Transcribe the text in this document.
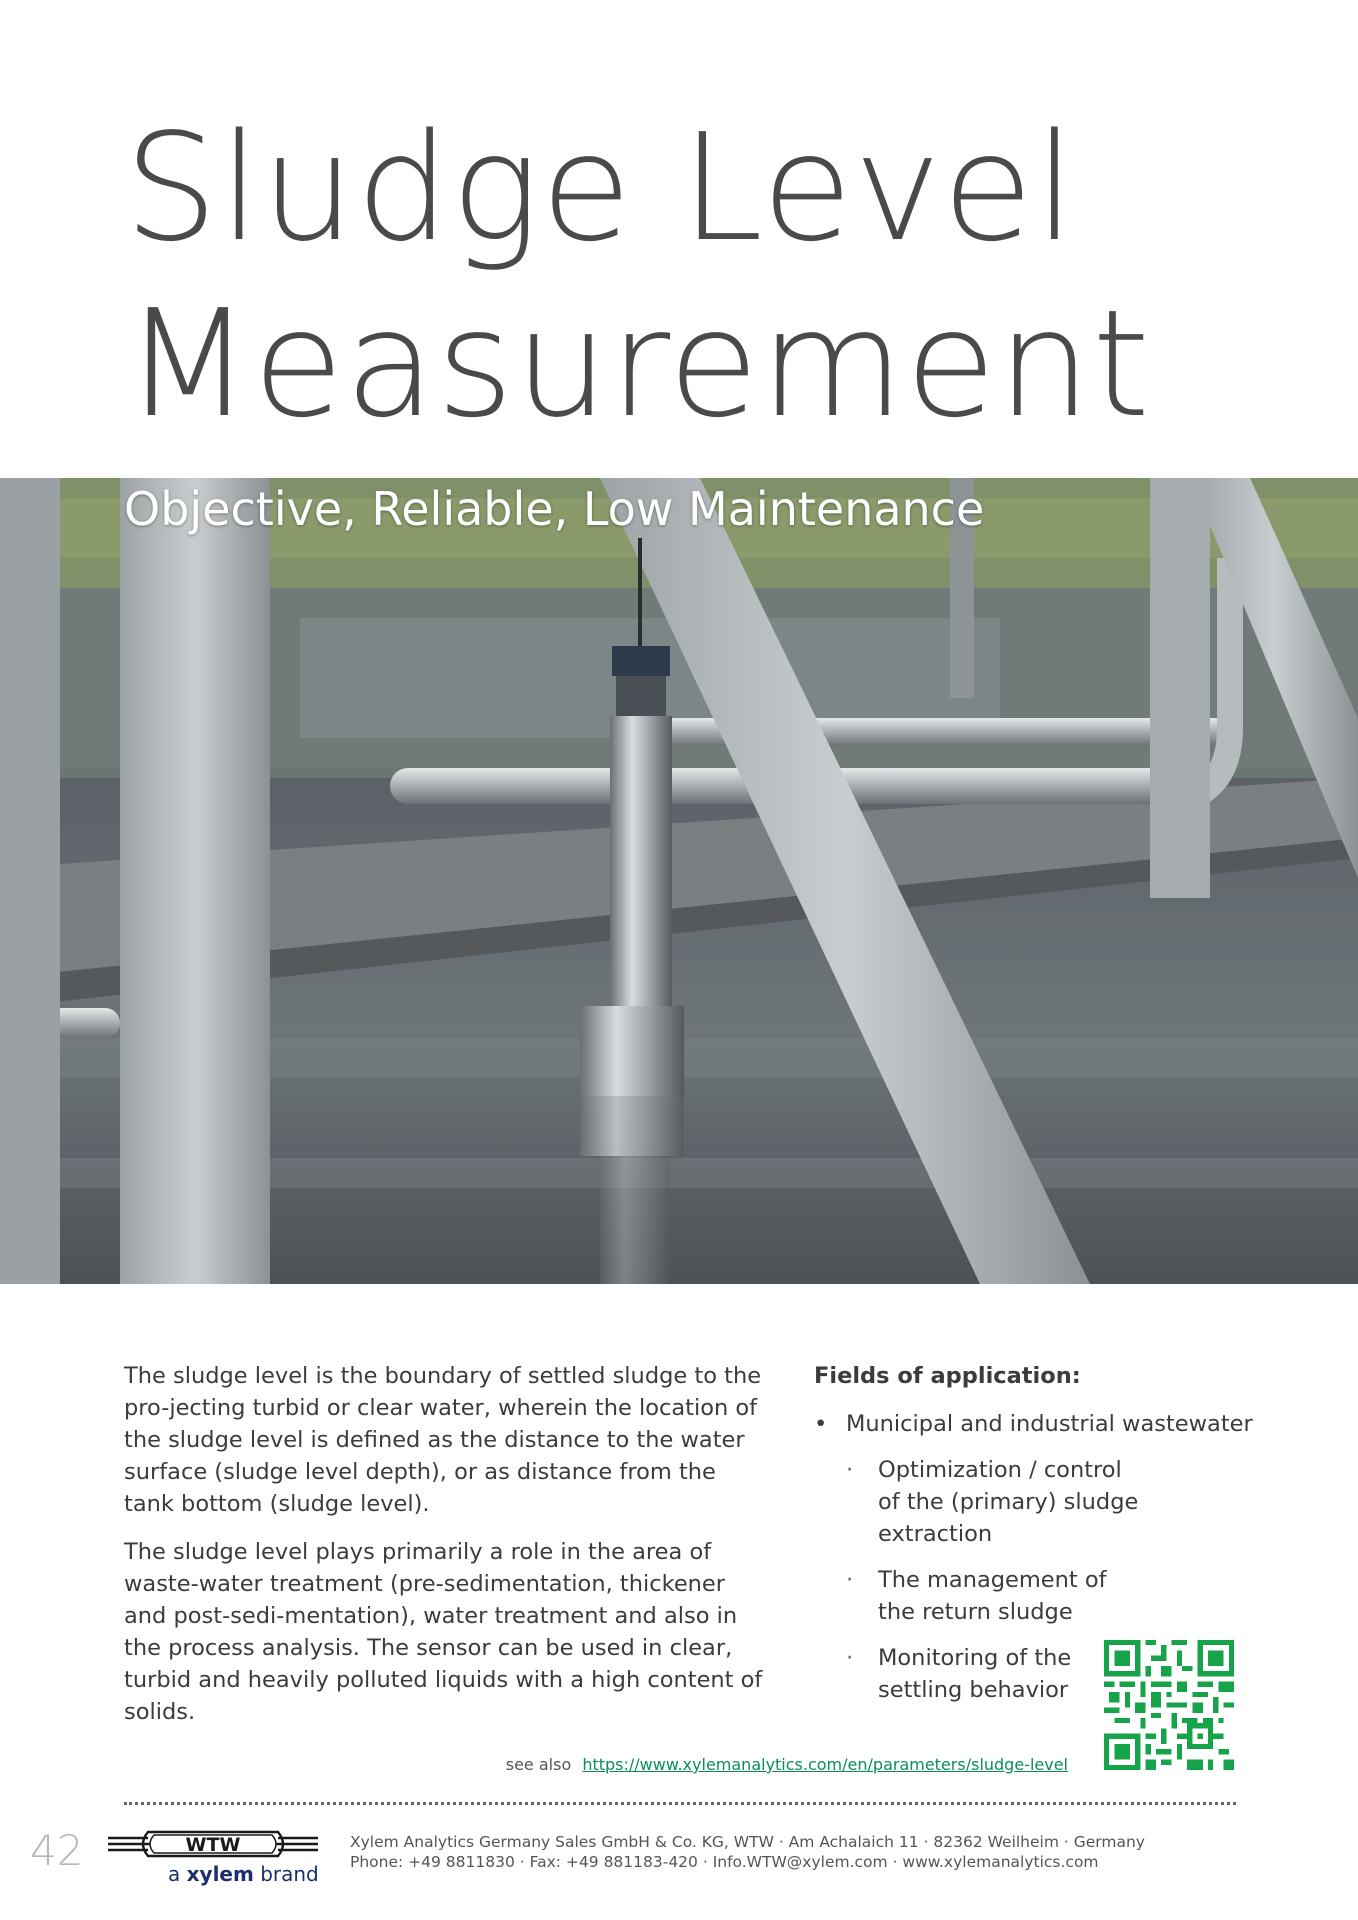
Sludge Level
Measurement
Objective, Reliable, Low Maintenance

The sludge level is the boundary of settled sludge to the pro-jecting turbid or clear water, wherein the location of the sludge level is defined as the distance to the water surface (sludge level depth), or as distance from the tank bottom (sludge level).

The sludge level plays primarily a role in the area of waste-water treatment (pre-sedimentation, thickener and post-sedi-mentation), water treatment and also in the process analysis. The sensor can be used in clear, turbid and heavily polluted liquids with a high content of solids.

Fields of application:
• Municipal and industrial wastewater
· Optimization / control of the (primary) sludge extraction
· The management of the return sludge
· Monitoring of the settling behavior
see also https://www.xylemanalytics.com/en/parameters/sludge-level
42	WTW
a xylem brand
Xylem Analytics Germany Sales GmbH & Co. KG, WTW · Am Achalaich 11 · 82362 Weilheim · Germany
Phone: +49 8811830 · Fax: +49 881183-420 · Info.WTW@xylem.com · www.xylemanalytics.com
